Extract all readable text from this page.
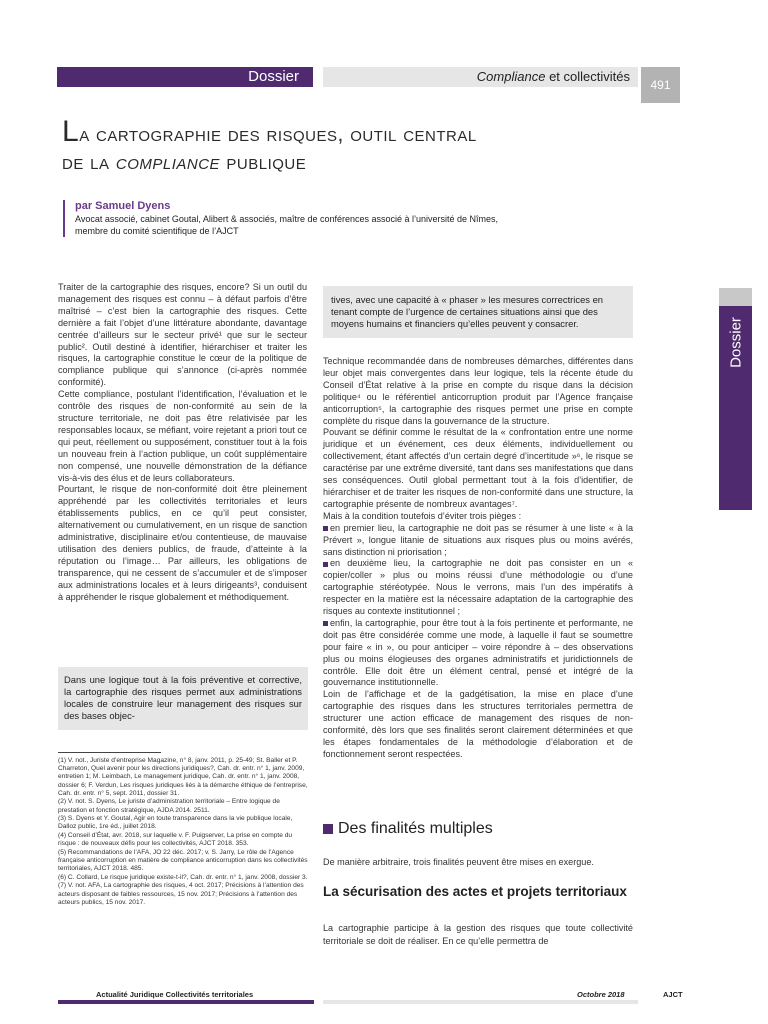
Dossier	Compliance et collectivités

491
La cartographie des risques, outil central
de la compliance publique
par Samuel Dyens
Avocat associé, cabinet Goutal, Alibert & associés, maître de conférences associé à l’université de Nîmes,
membre du comité scientifique de l’AJCT
Dossier

Traiter de la cartographie des risques, encore? Si un outil du management des risques est connu – à défaut parfois d’être maîtrisé – c’est bien la cartographie des risques. Cette dernière a fait l’objet d’une littérature abondante, davantage centrée d’ailleurs sur le secteur privé¹ que sur le secteur public². Outil destiné à identifier, hiérarchiser et traiter les risques, la cartographie constitue le cœur de la politique de compliance publique qui s’annonce (ci-après nommée conformité).

Cette compliance, postulant l’identification, l’évaluation et le contrôle des risques de non-conformité au sein de la structure territoriale, ne doit pas être relativisée par les responsables locaux, se méfiant, voire rejetant a priori tout ce qui peut, réellement ou supposément, constituer tout à la fois un nouveau frein à l’action publique, un coût supplémentaire non compensé, une nouvelle démonstration de la défiance vis-à-vis des élus et de leurs collaborateurs.

Pourtant, le risque de non-conformité doit être pleinement appréhendé par les collectivités territoriales et leurs établissements publics, en ce qu’il peut consister, alternativement ou cumulativement, en un risque de sanction administrative, disciplinaire et/ou contentieuse, de mauvaise utilisation des deniers publics, de fraude, d’atteinte à la réputation ou l’image… Par ailleurs, les obligations de transparence, qui ne cessent de s’accumuler et de s’imposer aux administrations locales et à leurs dirigeants³, conduisent à appréhender le risque globalement et méthodiquement.

Dans une logique tout à la fois préventive et corrective, la cartographie des risques permet aux administrations locales de construire leur management des risques sur des bases objec-

(1) V. not., Juriste d’entreprise Magazine, n° 8, janv. 2011, p. 25-49; St. Baller et P. Charreton, Quel avenir pour les directions juridiques?, Cah. dr. entr. n° 1, janv. 2009, entretien 1; M. Leimbach, Le management juridique, Cah. dr. entr. n° 1, janv. 2008, dossier 6; F. Verdun, Les risques juridiques liés à la démarche éthique de l’entreprise, Cah. dr. entr. n° 5, sept. 2011, dossier 31.

(2) V. not. S. Dyens, Le juriste d’administration territoriale – Entre logique de prestation et fonction stratégique, AJDA 2014. 2511.

(3) S. Dyens et Y. Goutal, Agir en toute transparence dans la vie publique locale, Dalloz public, 1re éd., juillet 2018.

(4) Conseil d’État, avr. 2018, sur laquelle v. F. Puigserver, La prise en compte du risque : de nouveaux défis pour les collectivités, AJCT 2018. 353.

(5) Recommandations de l’AFA, JO 22 déc. 2017; v. S. Jarry, Le rôle de l’Agence française anticorruption en matière de compliance anticorruption dans les collectivités territoriales, AJCT 2018. 485.

(6) C. Collard, Le risque juridique existe-t-il?, Cah. dr. entr. n° 1, janv. 2008, dossier 3.

(7) V. not. AFA, La cartographie des risques, 4 oct. 2017; Précisions à l’attention des acteurs disposant de faibles ressources, 15 nov. 2017; Précisions à l’attention des acteurs publics, 15 nov. 2017.

tives, avec une capacité à « phaser » les mesures correctrices en tenant compte de l’urgence de certaines situations ainsi que des moyens humains et financiers qu’elles peuvent y consacrer.

Technique recommandée dans de nombreuses démarches, différentes dans leur objet mais convergentes dans leur logique, tels la récente étude du Conseil d’État relative à la prise en compte du risque dans la décision politique⁴ ou le référentiel anticorruption produit par l’Agence française anticorruption⁵, la cartographie des risques permet une prise en compte complète du risque dans la gouvernance de la structure.

Pouvant se définir comme le résultat de la « confrontation entre une norme juridique et un événement, ces deux éléments, individuellement ou collectivement, étant affectés d’un certain degré d’incertitude »⁶, le risque se caractérise par une extrême diversité, tant dans ses manifestations que dans ses conséquences. Outil global permettant tout à la fois d’identifier, de hiérarchiser et de traiter les risques de non-conformité dans une structure, la cartographie présente de nombreux avantages⁷.

Mais à la condition toutefois d’éviter trois pièges :

en premier lieu, la cartographie ne doit pas se résumer à une liste « à la Prévert », longue litanie de situations aux risques plus ou moins avérés, sans distinction ni priorisation ;

en deuxième lieu, la cartographie ne doit pas consister en un « copier/coller » plus ou moins réussi d’une méthodologie ou d’une cartographie stéréotypée. Nous le verrons, mais l’un des impératifs à respecter en la matière est la nécessaire adaptation de la cartographie des risques au contexte institutionnel ;

enfin, la cartographie, pour être tout à la fois pertinente et performante, ne doit pas être considérée comme une mode, à laquelle il faut se soumettre pour faire « in », ou pour anticiper – voire répondre à – des observations plus ou moins élogieuses des organes administratifs et juridictionnels de contrôle. Elle doit être un élément central, pensé et intégré de la gouvernance institutionnelle.

Loin de l’affichage et de la gadgétisation, la mise en place d’une cartographie des risques dans les structures territoriales permettra de structurer une action efficace de management des risques de non-conformité, dès lors que ses finalités seront clairement déterminées et que les étapes fondamentales de la méthodologie d’élaboration et de fonctionnement seront respectées.

Des finalités multiples
De manière arbitraire, trois finalités peuvent être mises en exergue.
La sécurisation des actes et projets territoriaux
La cartographie participe à la gestion des risques que toute collectivité territoriale se doit de réaliser. En ce qu’elle permettra de
Actualité Juridique Collectivités territoriales	Octobre 2018	AJCT
